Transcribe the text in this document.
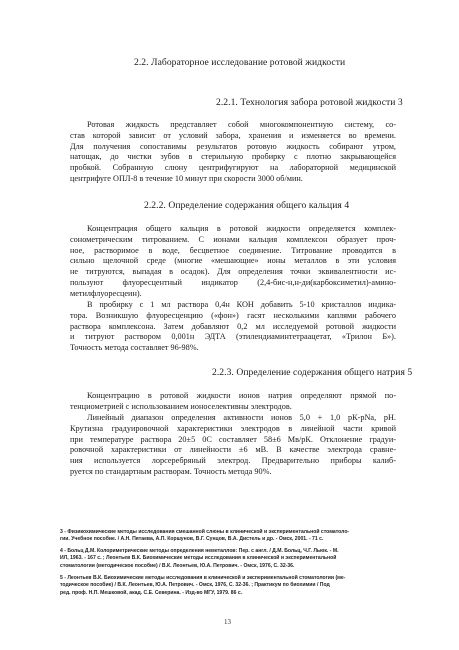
2.2. Лабораторное исследование ротовой жидкости
2.2.1. Технология забора ротовой жидкости 3
Ротовая жидкость представляет собой многокомпонентную систему, со-
став которой зависит от условий забора, хранения и изменяется во времени.
Для получения сопоставимы результатов ротовую жидкость собирают утром,
натощак, до чистки зубов в стерильную пробирку с плотно закрывающейся
пробкой. Собранную слюну центрифугируют на лабораторной медицинской
центрифуге ОПЛ-8 в течение 10 минут при скорости 3000 об/мин.
2.2.2. Определение содержания общего кальция 4
Концентрация общего кальция в ротовой жидкости определяется комплек-
сонометрическим титрованием. С ионами кальция комплексон образует проч-
ное, растворимое в воде, бесцветное соединение. Титрование проводится в
сильно щелочной среде (многие «мешающие» ионы металлов в эти условия
не титруются, выпадая в осадок). Для определения точки эквивалентности ис-
пользуют флуоресцентный индикатор (2,4-бис-н,н-ди(карбоксиметил)-амино-
метилфлуоресцеин).
В пробирку с 1 мл раствора 0,4н КОН добавить 5-10 кристаллов индика-
тора. Возникшую флуоресценцию («фон») гасят несколькими каплями рабочего
раствора комплексона. Затем добавляют 0,2 мл исследуемой ротовой жидкости
и титруют раствором 0,001н ЭДТА (этилендиаминтетраацетат, «Трилон Б»).
Точность метода составляет 96-98%.
2.2.3. Определение содержания общего натрия 5
Концентрацию в ротовой жидкости ионов натрия определяют прямой по-
тенциометрией с использованием ионоселективны электродов.
Линейный диапазон определения активности ионов 5,0 + 1,0 рК-рNа, рН.
Крутизна градуировочной характеристики электродов в линейной части кривой
при температуре раствора 20±5 0С составляет 58±6 Мв/рК. Отклонение градуи-
ровочной характеристики от линейности ±6 мВ. В качестве электрода сравне-
ния используется лорсеребряный электрод. Предварительно приборы калиб-
руется по стандартным растворам. Точность метода 90%.
3 - Физикохимические методы исследования смешанной слюны в клинической и экспериментальной стоматоло-
гии. Учебное пособие. / А.Н. Пятаева, А.П. Коршунов, В.Г. Сунцов, В.А. Дистель и др. - Омск, 2001. - 71 с.
4 - Больц Д.М. Колориметрические методы определения неметаллов: Пер. с англ. / Д.М. Больц, Ч.Г. Льюк. - М.
ИЛ, 1963. - 167 с. ; Леонтьев В.К. Биохимические методы исследования в клинической и экспериментальной
стоматологии (методическое пособие) / В.К. Леонтьев, Ю.А. Петрович. - Омск, 1976, С. 32-36.
5 - Леонтьев В.К. Биохимические методы исследования в клинической и экспериментальной стоматологии (ме-
тодическое пособие) / В.К. Леонтьев, Ю.А. Петрович. - Омск, 1976, С. 32-36. ; Практикум по биохимии / Под
ред. проф. Н.П. Мешковой, акад. С.Е. Северина. - Изд-во МГУ, 1979. 86 с.
13
